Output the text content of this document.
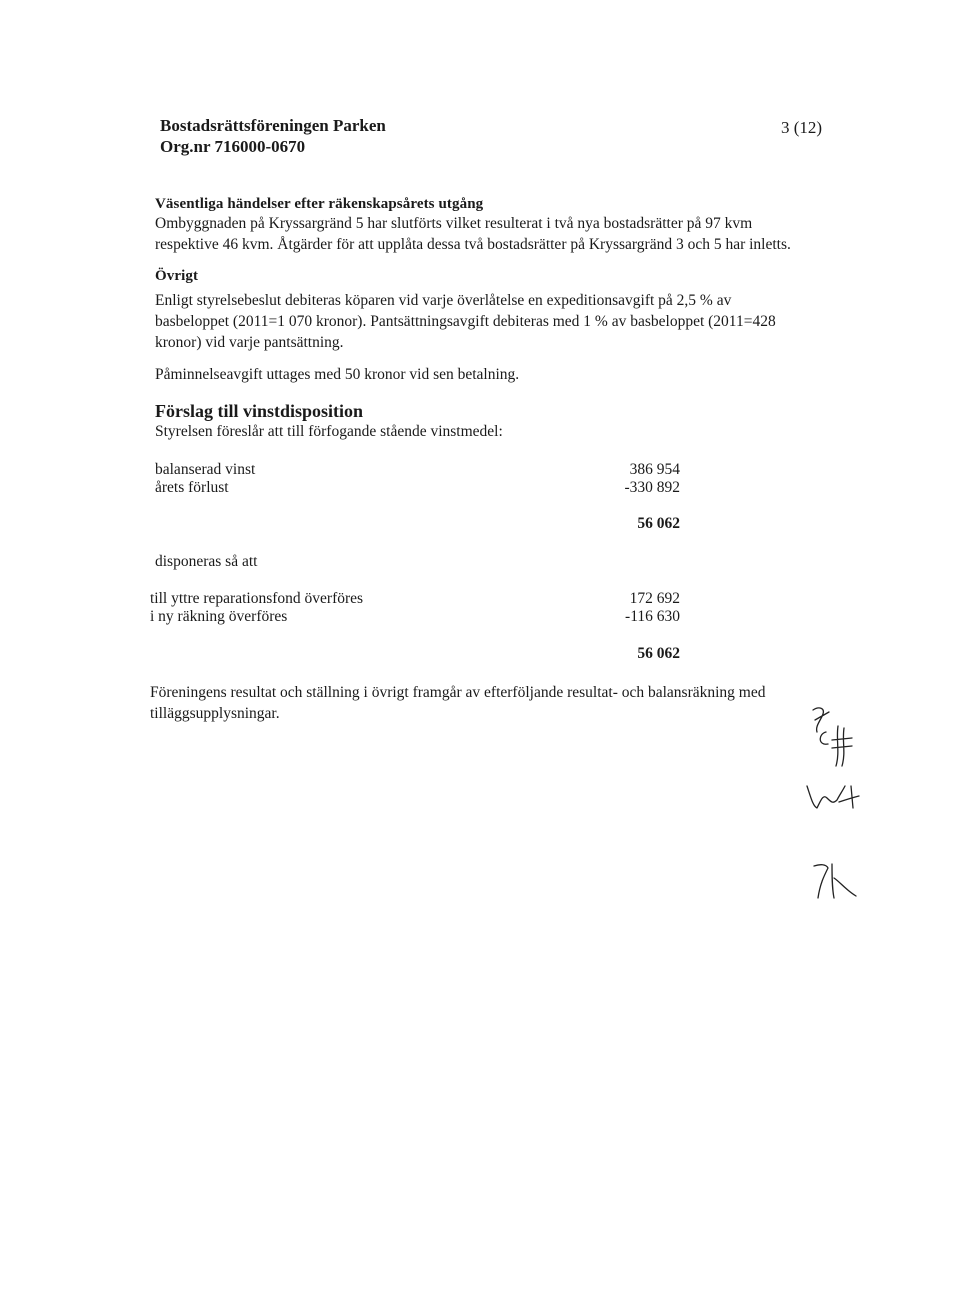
Bostadsrättsföreningen Parken
Org.nr 716000-0670
3 (12)
Väsentliga händelser efter räkenskapsårets utgång
Ombyggnaden på Kryssargränd 5 har slutförts vilket resulterat i två nya bostadsrätter på 97 kvm respektive 46 kvm. Åtgärder för att upplåta dessa två bostadsrätter på Kryssargränd 3 och 5 har inletts.
Övrigt
Enligt styrelsebeslut debiteras köparen vid varje överlåtelse en expeditionsavgift på 2,5 % av basbeloppet (2011=1 070 kronor). Pantsättningsavgift debiteras med 1 % av basbeloppet (2011=428 kronor) vid varje pantsättning.
Påminnelseavgift uttages med 50 kronor vid sen betalning.
Förslag till vinstdisposition
Styrelsen föreslår att till förfogande stående vinstmedel:
balanserad vinst	386 954
årets förlust	-330 892
56 062
disponeras så att
till yttre reparationsfond överföres	172 692
i ny räkning överföres	-116 630
56 062
Föreningens resultat och ställning i övrigt framgår av efterföljande resultat- och balansräkning med tilläggsupplysningar.
